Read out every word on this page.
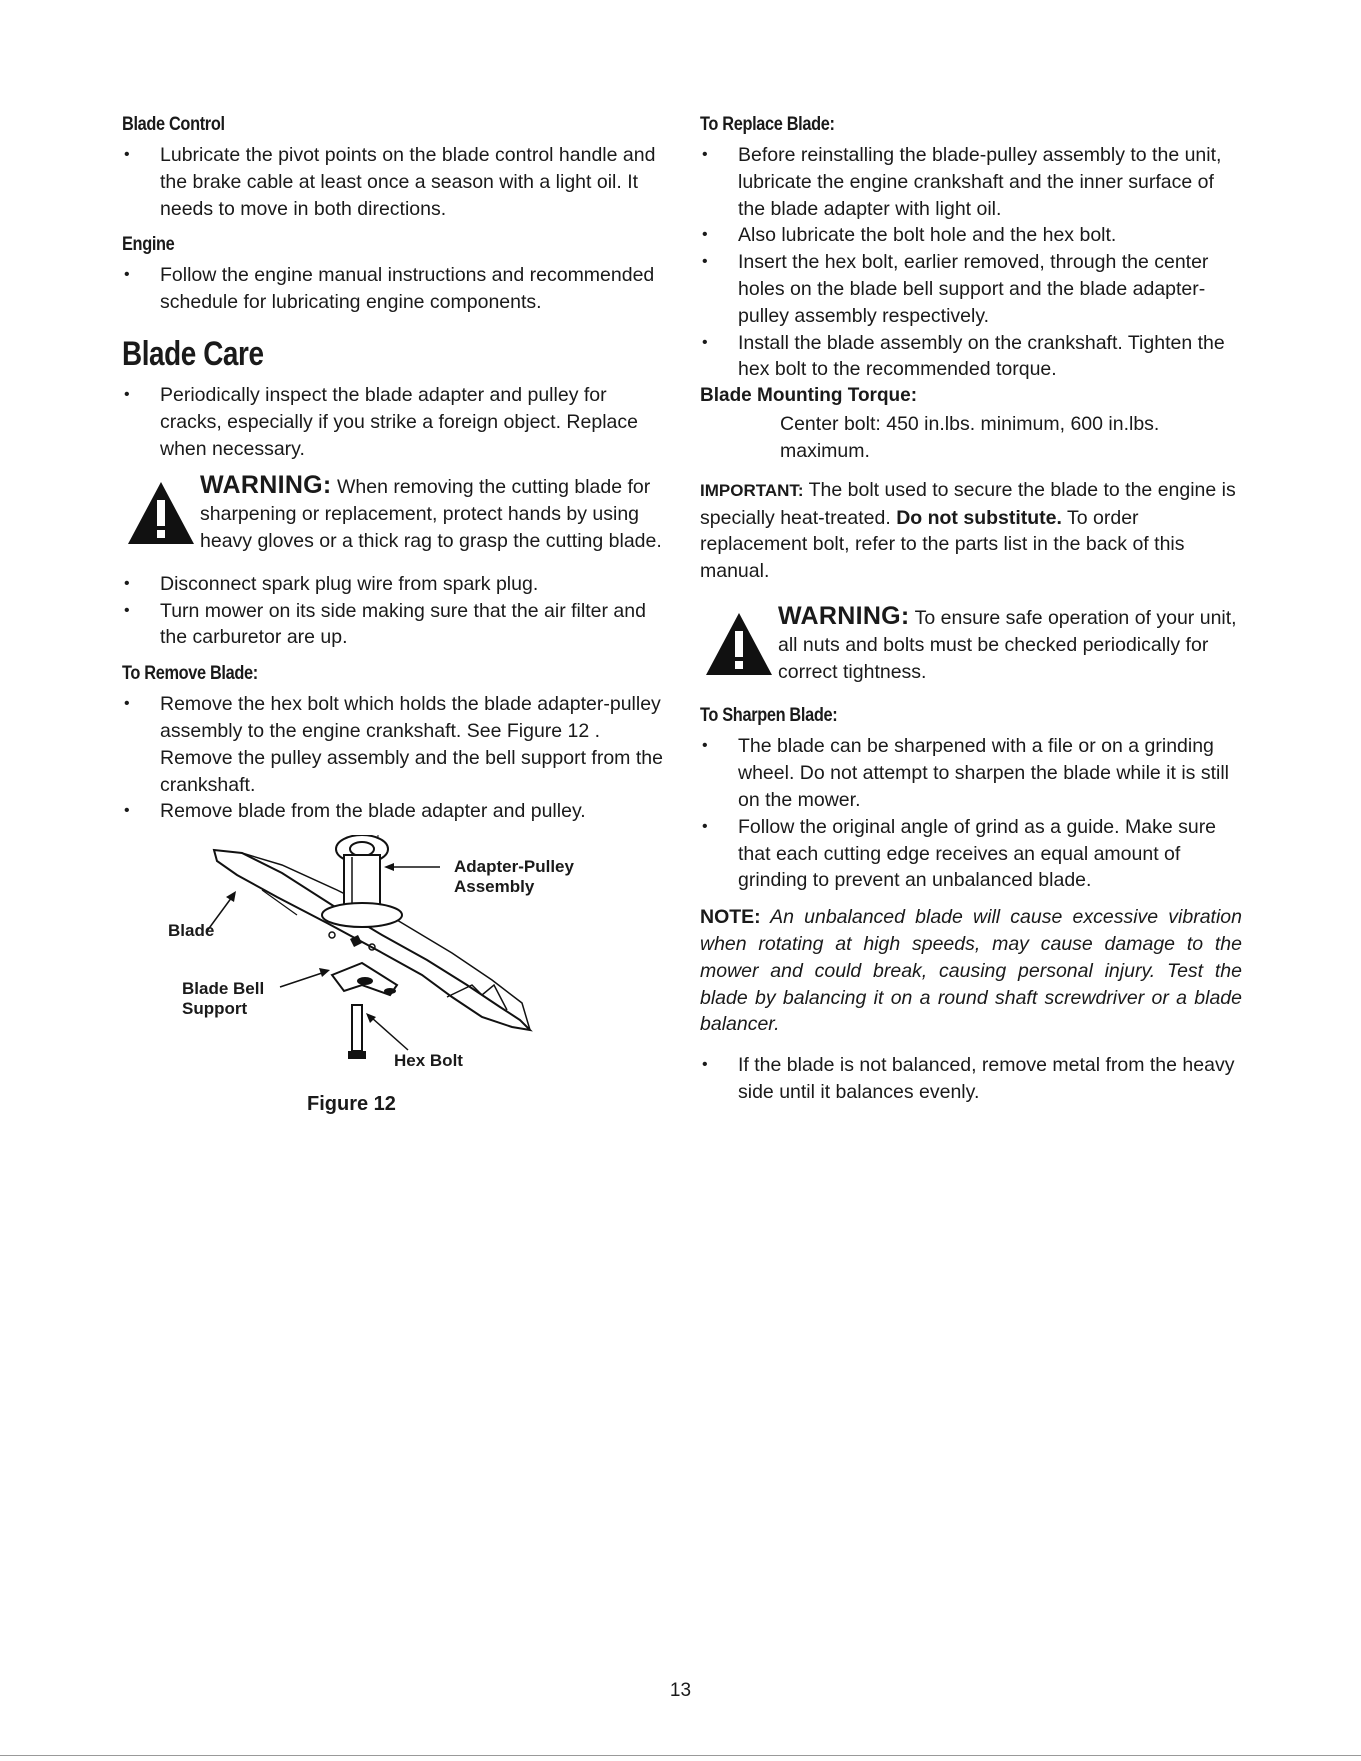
Blade Control
• Lubricate the pivot points on the blade control handle and the brake cable at least once a season with a light oil. It needs to move in both directions.
Engine
• Follow the engine manual instructions and recommended schedule for lubricating engine components.
Blade Care
• Periodically inspect the blade adapter and pulley for cracks, especially if you strike a foreign object. Replace when necessary.

WARNING: When removing the cutting blade for sharpening or replacement, protect hands by using heavy gloves or a thick rag to grasp the cutting blade.

• Disconnect spark plug wire from spark plug.
• Turn mower on its side making sure that the air filter and the carburetor are up.
To Remove Blade:
• Remove the hex bolt which holds the blade adapter-pulley assembly to the engine crankshaft. See Figure 12 . Remove the pulley assembly and the bell support from the crankshaft.
• Remove blade from the blade adapter and pulley.
Adapter-Pulley
Assembly
Blade
Blade Bell
Support
Hex Bolt
Figure 12
To Replace Blade:
• Before reinstalling the blade-pulley assembly to the unit, lubricate the engine crankshaft and the inner surface of the blade adapter with light oil.
• Also lubricate the bolt hole and the hex bolt.
• Insert the hex bolt, earlier removed, through the center holes on the blade bell support and the blade adapter-pulley assembly respectively.
• Install the blade assembly on the crankshaft. Tighten the hex bolt to the recommended torque.
Blade Mounting Torque:
Center bolt: 450 in.lbs. minimum, 600 in.lbs. maximum.

IMPORTANT: The bolt used to secure the blade to the engine is specially heat-treated. Do not substitute. To order replacement bolt, refer to the parts list in the back of this manual.

WARNING: To ensure safe operation of your unit, all nuts and bolts must be checked periodically for correct tightness.

To Sharpen Blade:
• The blade can be sharpened with a file or on a grinding wheel. Do not attempt to sharpen the blade while it is still on the mower.
• Follow the original angle of grind as a guide. Make sure that each cutting edge receives an equal amount of grinding to prevent an unbalanced blade.

NOTE: An unbalanced blade will cause excessive vibration when rotating at high speeds, may cause damage to the mower and could break, causing personal injury. Test the blade by balancing it on a round shaft screwdriver or a blade balancer.

• If the blade is not balanced, remove metal from the heavy side until it balances evenly.
13
